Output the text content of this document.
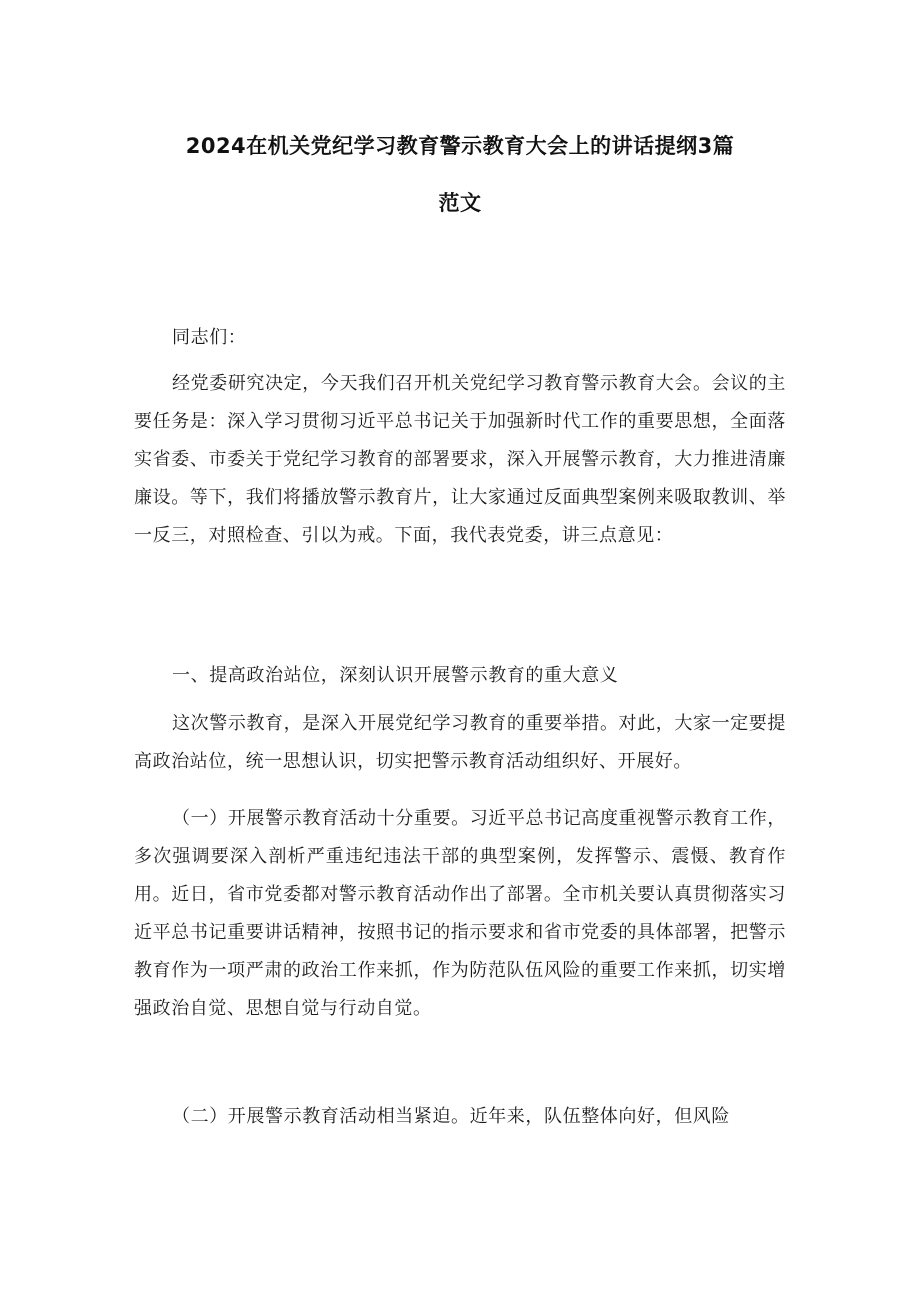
2024在机关党纪学习教育警示教育大会上的讲话提纲3篇
范文

同志们：

经党委研究决定，今天我们召开机关党纪学习教育警示教育大会。会议的主要任务是：深入学习贯彻习近平总书记关于加强新时代工作的重要思想，全面落实省委、市委关于党纪学习教育的部署要求，深入开展警示教育，大力推进清廉廉设。等下，我们将播放警示教育片，让大家通过反面典型案例来吸取教训、举一反三，对照检查、引以为戒。下面，我代表党委，讲三点意见：

一、提高政治站位，深刻认识开展警示教育的重大意义

这次警示教育，是深入开展党纪学习教育的重要举措。对此，大家一定要提高政治站位，统一思想认识，切实把警示教育活动组织好、开展好。

（一）开展警示教育活动十分重要。习近平总书记高度重视警示教育工作，多次强调要深入剖析严重违纪违法干部的典型案例，发挥警示、震慑、教育作用。近日，省市党委都对警示教育活动作出了部署。全市机关要认真贯彻落实习近平总书记重要讲话精神，按照书记的指示要求和省市党委的具体部署，把警示教育作为一项严肃的政治工作来抓，作为防范队伍风险的重要工作来抓，切实增强政治自觉、思想自觉与行动自觉。

（二）开展警示教育活动相当紧迫。近年来，队伍整体向好，但风险
